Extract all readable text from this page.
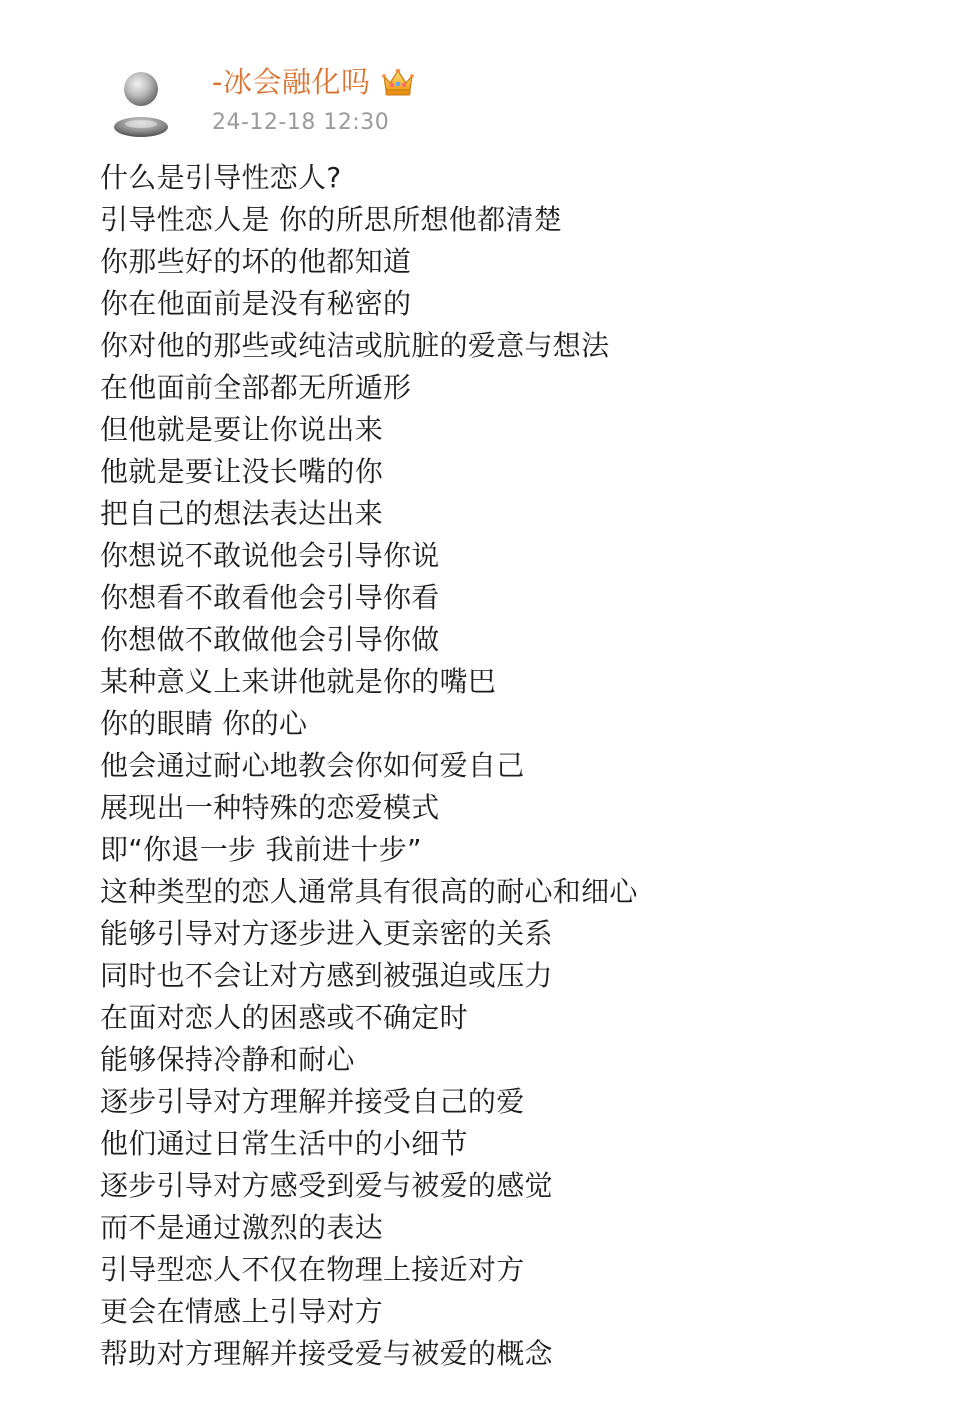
-冰会融化吗
24-12-18 12:30
什么是引导性恋人?
引导性恋人是 你的所思所想他都清楚
你那些好的坏的他都知道
你在他面前是没有秘密的
你对他的那些或纯洁或肮脏的爱意与想法
在他面前全部都无所遁形
但他就是要让你说出来
他就是要让没长嘴的你
把自己的想法表达出来
你想说不敢说他会引导你说
你想看不敢看他会引导你看
你想做不敢做他会引导你做
某种意义上来讲他就是你的嘴巴
你的眼睛 你的心
他会通过耐心地教会你如何爱自己
展现出一种特殊的恋爱模式
即“你退一步 我前进十步”
这种类型的恋人通常具有很高的耐心和细心
能够引导对方逐步进入更亲密的关系
同时也不会让对方感到被强迫或压力
在面对恋人的困惑或不确定时
能够保持冷静和耐心
逐步引导对方理解并接受自己的爱
他们通过日常生活中的小细节
逐步引导对方感受到爱与被爱的感觉
而不是通过激烈的表达
引导型恋人不仅在物理上接近对方
更会在情感上引导对方
帮助对方理解并接受爱与被爱的概念
